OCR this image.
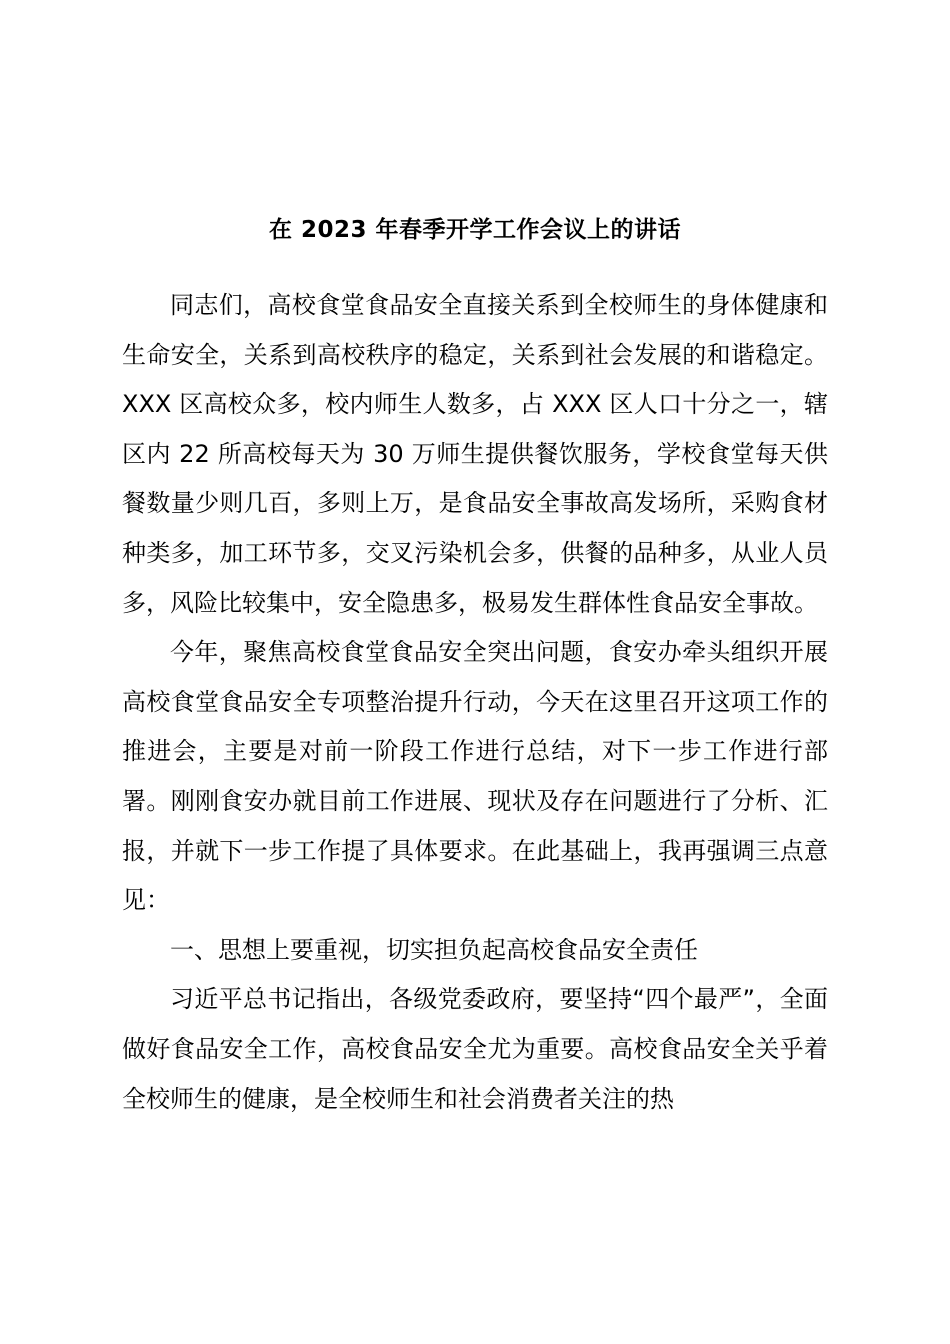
在 2023 年春季开学工作会议上的讲话

同志们，高校食堂食品安全直接关系到全校师生的身体健康和生命安全，关系到高校秩序的稳定，关系到社会发展的和谐稳定。XXX 区高校众多，校内师生人数多，占 XXX 区人口十分之一，辖区内 22 所高校每天为 30 万师生提供餐饮服务，学校食堂每天供餐数量少则几百，多则上万，是食品安全事故高发场所，采购食材种类多，加工环节多，交叉污染机会多，供餐的品种多，从业人员多，风险比较集中，安全隐患多，极易发生群体性食品安全事故。

今年，聚焦高校食堂食品安全突出问题，食安办牵头组织开展高校食堂食品安全专项整治提升行动，今天在这里召开这项工作的推进会，主要是对前一阶段工作进行总结，对下一步工作进行部署。刚刚食安办就目前工作进展、现状及存在问题进行了分析、汇报，并就下一步工作提了具体要求。在此基础上，我再强调三点意见：

一、思想上要重视，切实担负起高校食品安全责任

习近平总书记指出，各级党委政府，要坚持“四个最严”，全面做好食品安全工作，高校食品安全尤为重要。高校食品安全关乎着全校师生的健康，是全校师生和社会消费者关注的热
